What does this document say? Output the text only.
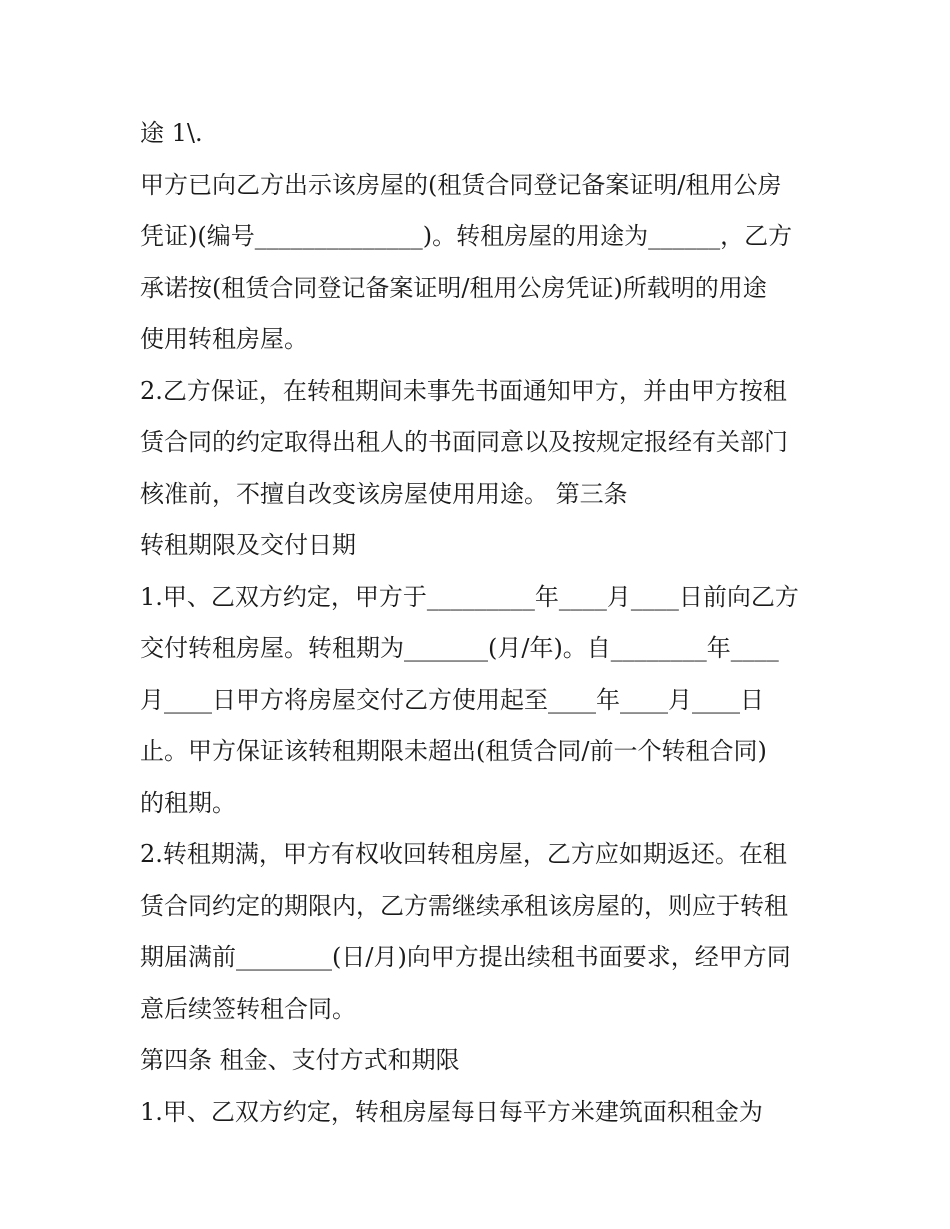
途 1\.
甲方已向乙方出示该房屋的(租赁合同登记备案证明/租用公房
凭证)(编号______________)。转租房屋的用途为______，乙方
承诺按(租赁合同登记备案证明/租用公房凭证)所载明的用途
使用转租房屋。
2.乙方保证，在转租期间未事先书面通知甲方，并由甲方按租
赁合同的约定取得出租人的书面同意以及按规定报经有关部门
核准前，不擅自改变该房屋使用用途。 第三条
转租期限及交付日期
1.甲、乙双方约定，甲方于_________年____月____日前向乙方
交付转租房屋。转租期为_______(月/年)。自________年____
月____日甲方将房屋交付乙方使用起至____年____月____日
止。甲方保证该转租期限未超出(租赁合同/前一个转租合同)
的租期。
2.转租期满，甲方有权收回转租房屋，乙方应如期返还。在租
赁合同约定的期限内，乙方需继续承租该房屋的，则应于转租
期届满前________(日/月)向甲方提出续租书面要求，经甲方同
意后续签转租合同。
第四条 租金、支付方式和期限
1.甲、乙双方约定，转租房屋每日每平方米建筑面积租金为
